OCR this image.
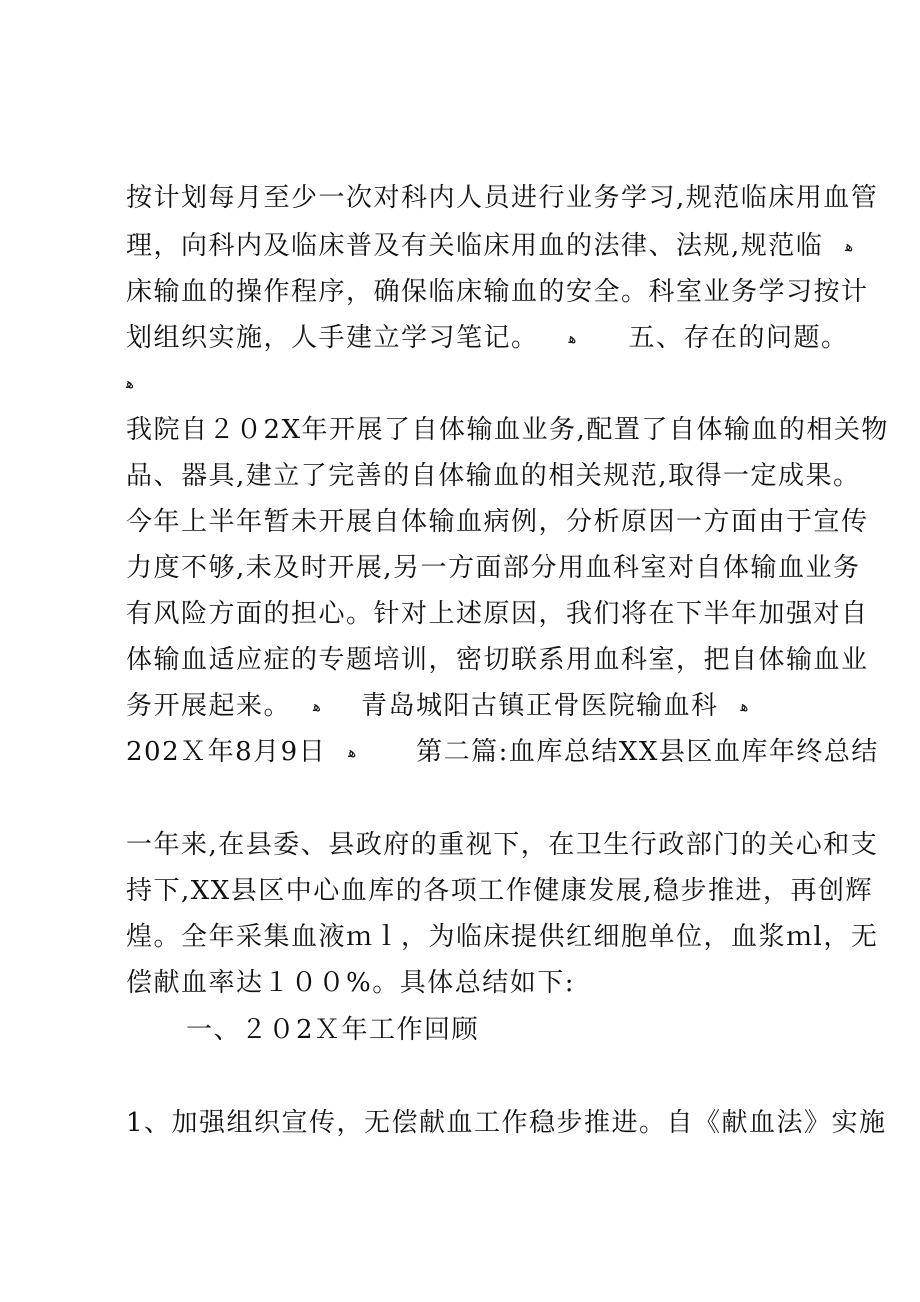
按计划每月至少一次对科内人员进行业务学习,规范临床用血管
理，向科内及临床普及有关临床用血的法律、法规,规范临 ﻫ
床输血的操作程序，确保临床输血的安全。科室业务学习按计
划组织实施，人手建立学习笔记。 ﻫ 五、存在的问题。
ﻫ
我院自２０2X年开展了自体输血业务,配置了自体输血的相关物
品、器具,建立了完善的自体输血的相关规范,取得一定成果。
今年上半年暂未开展自体输血病例，分析原因一方面由于宣传
力度不够,未及时开展,另一方面部分用血科室对自体输血业务
有风险方面的担心。针对上述原因，我们将在下半年加强对自
体输血适应症的专题培训，密切联系用血科室，把自体输血业
务开展起来。 ﻫ 青岛城阳古镇正骨医院输血科 ﻫ
202Ｘ年8月9日 ﻫ 第二篇:血库总结XX县区血库年终总结
一年来,在县委、县政府的重视下，在卫生行政部门的关心和支
持下,XX县区中心血库的各项工作健康发展,稳步推进，再创辉
煌。全年采集血液ｍｌ，为临床提供红细胞单位，血浆ｍl，无
偿献血率达１００%。具体总结如下:
一、２０2Ｘ年工作回顾
1、加强组织宣传，无偿献血工作稳步推进。自《献血法》实施
